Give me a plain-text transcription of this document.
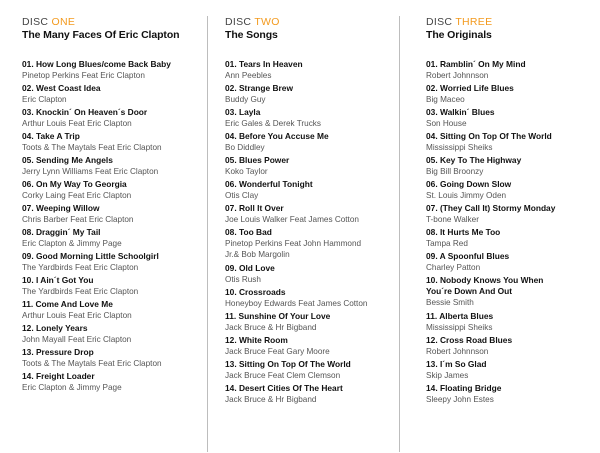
DISC ONE
The Many Faces Of Eric Clapton
01. How Long Blues/come Back Baby
Pinetop Perkins Feat Eric Clapton
02. West Coast Idea
Eric Clapton
03. Knockin´ On Heaven´s Door
Arthur Louis Feat Eric Clapton
04. Take A Trip
Toots & The Maytals Feat Eric Clapton
05. Sending Me Angels
Jerry Lynn Williams Feat Eric Clapton
06. On My Way To Georgia
Corky Laing Feat Eric Clapton
07. Weeping Willow
Chris Barber Feat Eric Clapton
08. Draggin´ My Tail
Eric Clapton & Jimmy Page
09. Good Morning Little Schoolgirl
The Yardbirds Feat Eric Clapton
10. I Ain´t Got You
The Yardbirds Feat Eric Clapton
11. Come And Love Me
Arthur Louis Feat Eric Clapton
12. Lonely Years
John Mayall Feat Eric Clapton
13. Pressure Drop
Toots & The Maytals Feat Eric Clapton
14. Freight Loader
Eric Clapton & Jimmy Page
DISC TWO
The Songs
01. Tears In Heaven
Ann Peebles
02. Strange Brew
Buddy Guy
03. Layla
Eric Gales & Derek Trucks
04. Before You Accuse Me
Bo Diddley
05. Blues Power
Koko Taylor
06. Wonderful Tonight
Otis Clay
07. Roll It Over
Joe Louis Walker Feat James Cotton
08. Too Bad
Pinetop Perkins Feat John Hammond
Jr.& Bob Margolin
09. Old Love
Otis Rush
10. Crossroads
Honeyboy Edwards Feat James Cotton
11. Sunshine Of Your Love
Jack Bruce & Hr Bigband
12. White Room
Jack Bruce Feat Gary Moore
13. Sitting On Top Of The World
Jack Bruce Feat Clem Clemson
14. Desert Cities Of The Heart
Jack Bruce & Hr Bigband
DISC THREE
The Originals
01. Ramblin´ On My Mind
Robert Johnnson
02. Worried Life Blues
Big Maceo
03. Walkin´ Blues
Son House
04. Sitting On Top Of The World
Mississippi Sheiks
05. Key To The Highway
Big Bill Broonzy
06. Going Down Slow
St. Louis Jimmy Oden
07. (They Call It) Stormy Monday
T-bone Walker
08. It Hurts Me Too
Tampa Red
09. A Spoonful Blues
Charley Patton
10. Nobody Knows You When
You´re Down And Out
Bessie Smith
11. Alberta Blues
Mississippi Sheiks
12. Cross Road Blues
Robert Johnnson
13. I´m So Glad
Skip James
14. Floating Bridge
Sleepy John Estes
